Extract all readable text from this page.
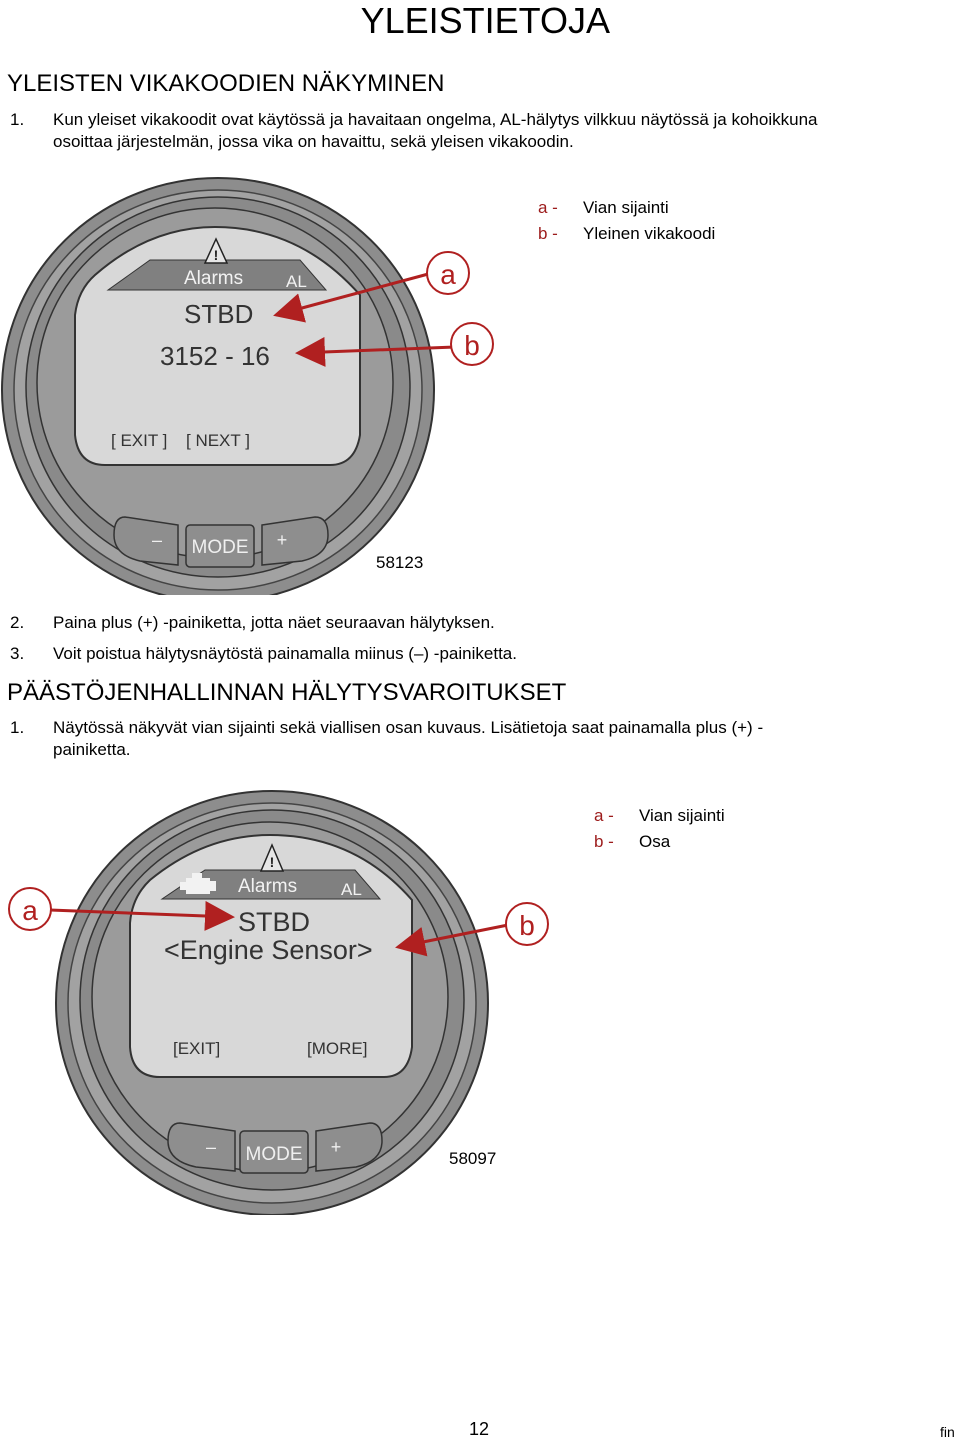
YLEISTIETOJA
YLEISTEN VIKAKOODIEN NÄKYMINEN
1. Kun yleiset vikakoodit ovat käytössä ja havaitaan ongelma, AL-hälytys vilkkuu näytössä ja kohoikkuna
osoittaa järjestelmän, jossa vika on havaittu, sekä yleisen vikakoodin.
!
Alarms	AL
STBD
3152 - 16
[ EXIT ] [ NEXT ]
– MODE +
a
b
58123
a - Vian sijainti
b - Yleinen vikakoodi
2. Paina plus (+) -painiketta, jotta näet seuraavan hälytyksen.
3. Voit poistua hälytysnäytöstä painamalla miinus (–) -painiketta.
PÄÄSTÖJENHALLINNAN HÄLYTYSVAROITUKSET
1. Näytössä näkyvät vian sijainti sekä viallisen osan kuvaus. Lisätietoja saat painamalla plus (+) -
painiketta.
!
Alarms	AL
STBD
<Engine Sensor>
[EXIT]	[MORE]
– MODE +
a	b
58097
a - Vian sijainti
b - Osa
12	fin
